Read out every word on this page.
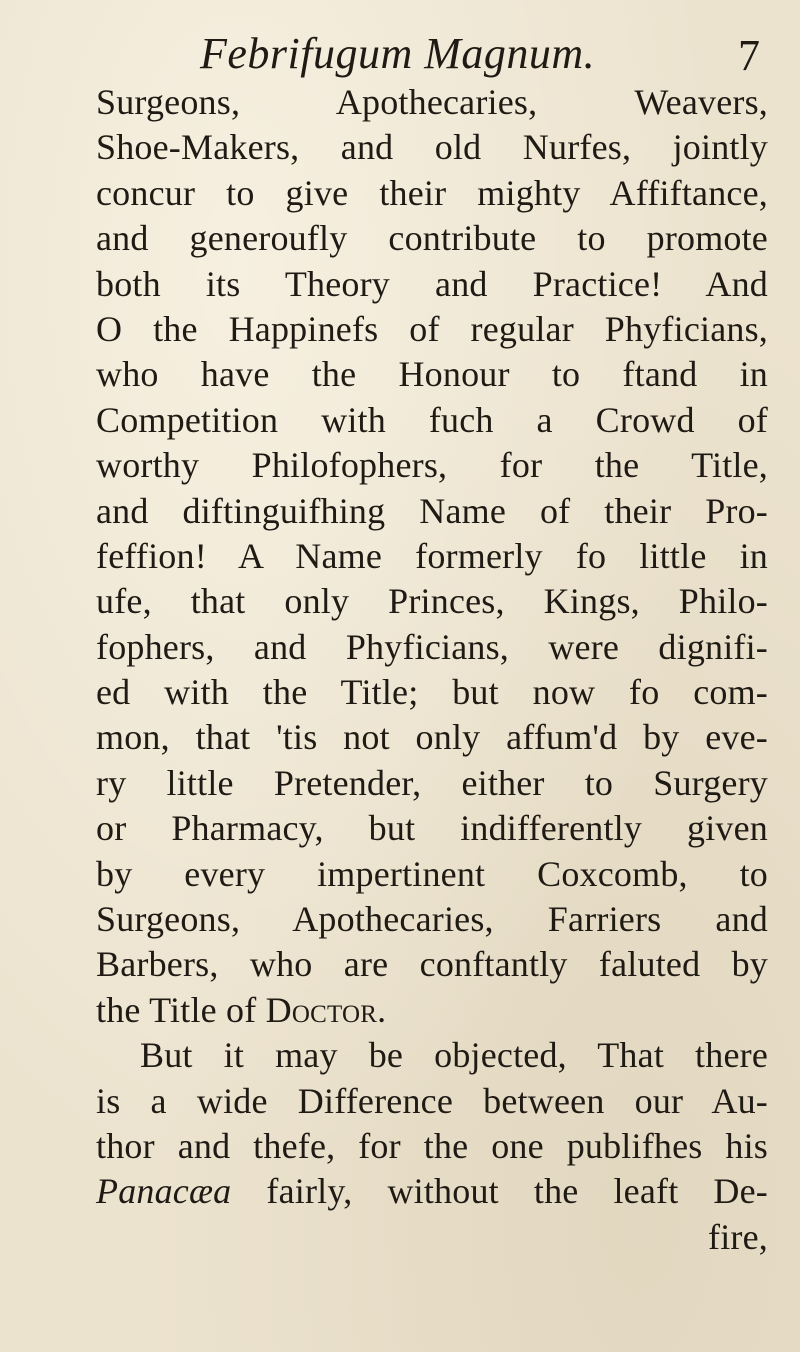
Febrifugum Magnum.	7
Surgeons, Apothecaries, Weavers,
Shoe-Makers, and old Nurfes, jointly
concur to give their mighty Affiftance,
and generoufly contribute to promote
both its Theory and Practice! And
O the Happinefs of regular Phyficians,
who have the Honour to ftand in
Competition with fuch a Crowd of
worthy Philofophers, for the Title,
and diftinguifhing Name of their Pro-
feffion! A Name formerly fo little in
ufe, that only Princes, Kings, Philo-
fophers, and Phyficians, were dignifi-
ed with the Title; but now fo com-
mon, that 'tis not only affum'd by eve-
ry little Pretender, either to Surgery
or Pharmacy, but indifferently given
by every impertinent Coxcomb, to
Surgeons, Apothecaries, Farriers and
Barbers, who are conftantly faluted by
the Title of Doctor.
But it may be objected, That there
is a wide Difference between our Au-
thor and thefe, for the one publifhes his
Panacæa fairly, without the leaft De-
fire,
